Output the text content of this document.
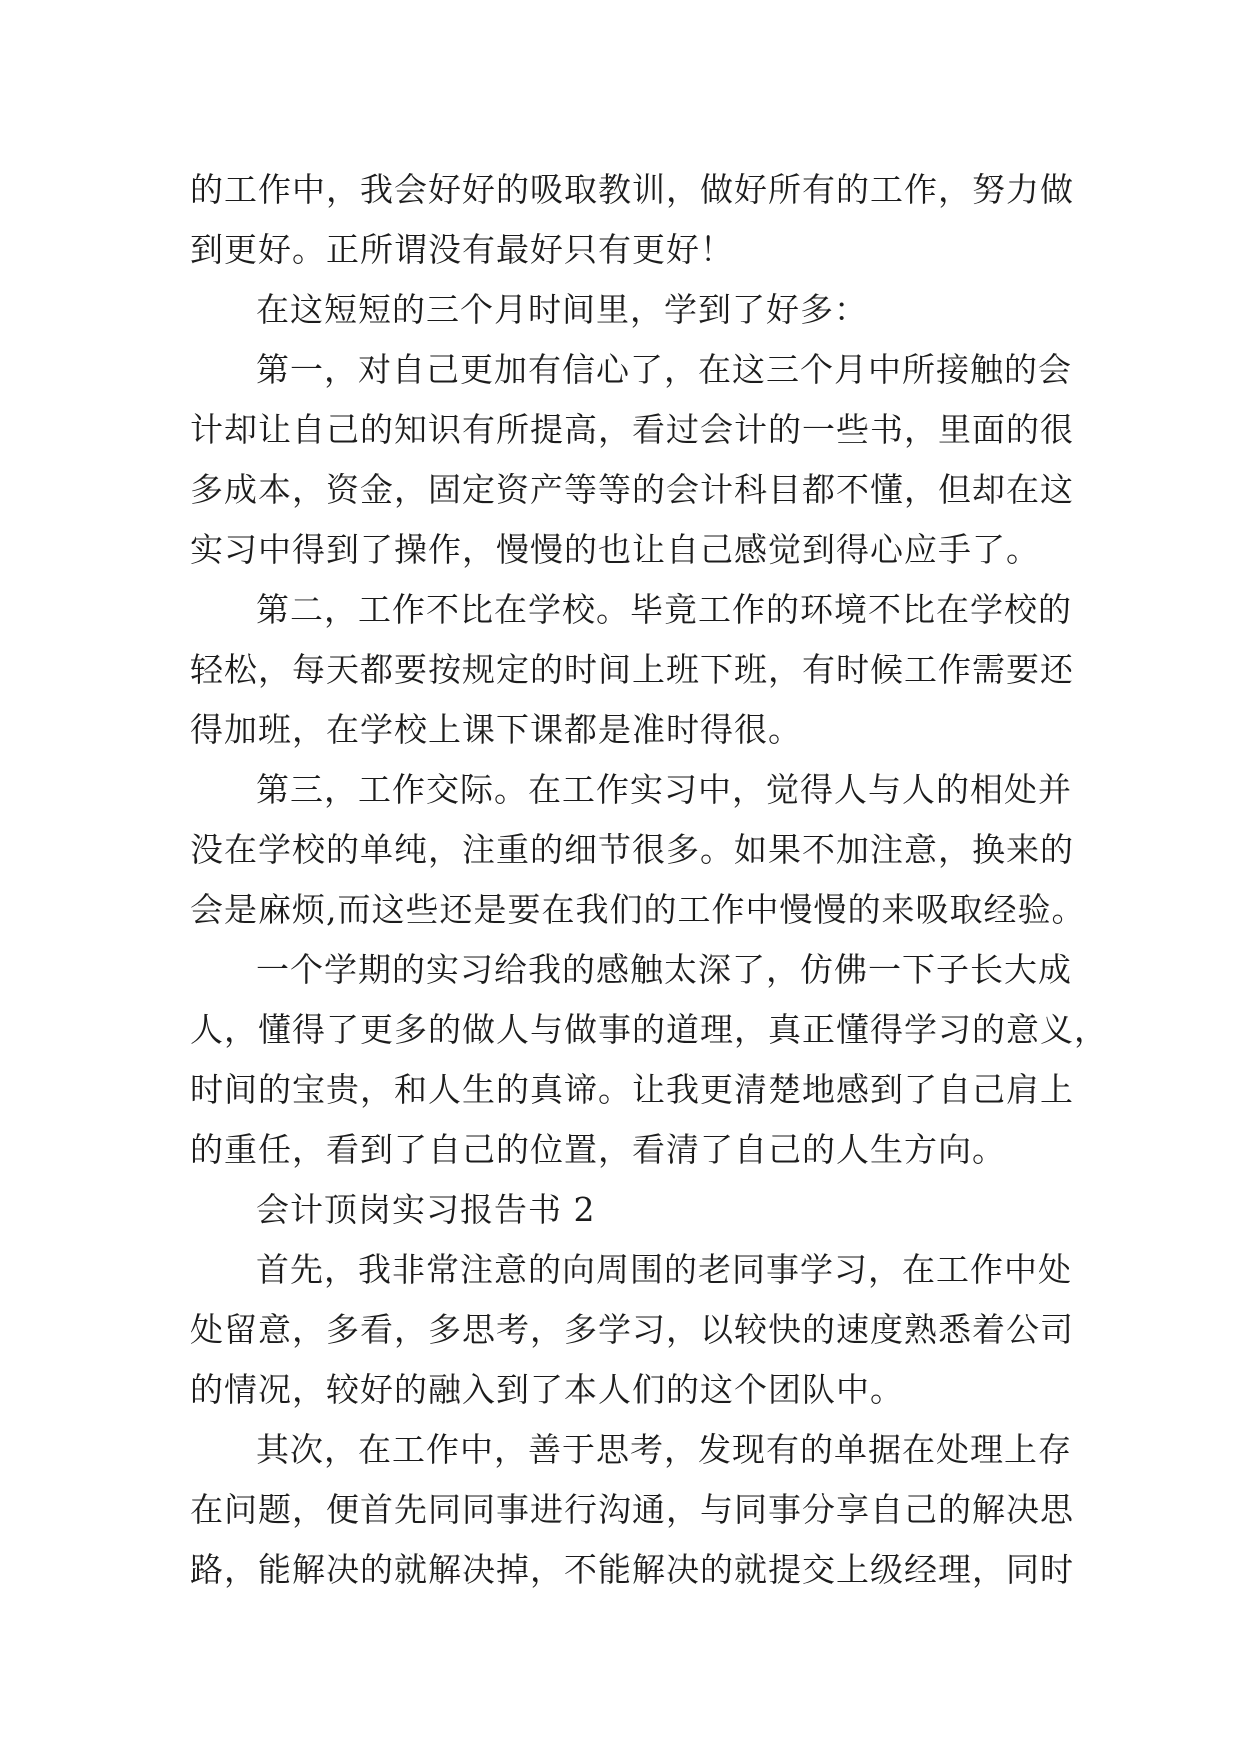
的工作中，我会好好的吸取教训，做好所有的工作，努力做
到更好。正所谓没有最好只有更好！
在这短短的三个月时间里，学到了好多：
第一，对自己更加有信心了，在这三个月中所接触的会
计却让自己的知识有所提高，看过会计的一些书，里面的很
多成本，资金，固定资产等等的会计科目都不懂，但却在这
实习中得到了操作，慢慢的也让自己感觉到得心应手了。
第二，工作不比在学校。毕竟工作的环境不比在学校的
轻松，每天都要按规定的时间上班下班，有时候工作需要还
得加班，在学校上课下课都是准时得很。
第三，工作交际。在工作实习中，觉得人与人的相处并
没在学校的单纯，注重的细节很多。如果不加注意，换来的
会是麻烦,而这些还是要在我们的工作中慢慢的来吸取经验。
一个学期的实习给我的感触太深了，仿佛一下子长大成
人，懂得了更多的做人与做事的道理，真正懂得学习的意义，
时间的宝贵，和人生的真谛。让我更清楚地感到了自己肩上
的重任，看到了自己的位置，看清了自己的人生方向。
会计顶岗实习报告书 2
首先，我非常注意的向周围的老同事学习，在工作中处
处留意，多看，多思考，多学习，以较快的速度熟悉着公司
的情况，较好的融入到了本人们的这个团队中。
其次，在工作中，善于思考，发现有的单据在处理上存
在问题，便首先同同事进行沟通，与同事分享自己的解决思
路，能解决的就解决掉，不能解决的就提交上级经理，同时
